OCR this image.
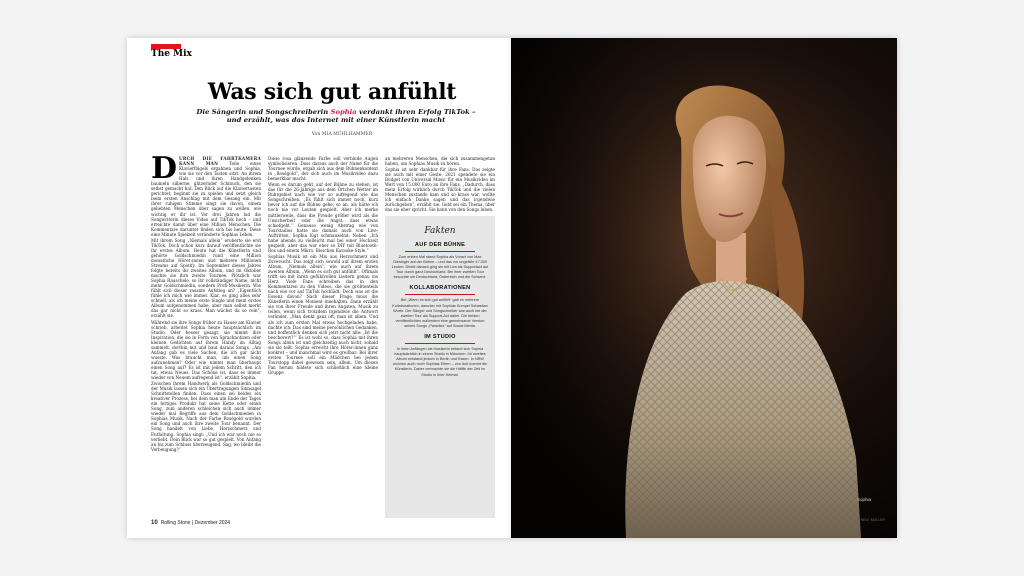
The Mix
Was sich gut anfühlt
Die Sängerin und Songschreiberin Sophia verdankt ihren Erfolg TikTok – und erzählt, was das Internet mit einer Künstlerin macht
Von MIA MÜHLHAMMER

DURCH DIE FAHRTKAMERA KANN MAN	Teile eines Klavierflügels ergahnen und Sophia, wie sie vor den Tasten sitzt. An ihrem Hals und ihren Handgelenken baumeln silberne, glitzernder Schmuck, den sie selbst gemacht hat. Den Blick auf die Klaviertasten gerichtet, beginnt sie zu spielen und setzt gleich beim ersten Anschlag mit dem Gesang ein. Mit ihrer ruhigen Stimme singt sie davon, einem geliebten Menschen über sagen zu wollen, wie wichtig er ihr ist. Vor drei Jahren lud die Songwriterin dieses Video auf TikTok hoch – und erreichte damit über eine Million Menschen. Die Kommentare darunter finden sich bis heute. Diese eine Minute Spielzeit veränderte Sophias Leben.

Mit ihrem Song „Niemals allein“ eroberte sie erst TikTok. Doch schon kurz darauf veröffentlichte sie ihr erstes Album. Heute hat die Künstlerin und gehörte Goldschmiedin rund eine Million monatliche Hörer:innen und mehrere Millionen Streams auf Spotify. Im September dieses Jahres folgte bereits ihr zweites Album, und im Oktober machte sie ihre zweite Tournee. Plötzlich war Sophia Rauschele, so ihr vollständiger Name, nicht mehr Goldschmiedin, sondern Profi-Musikerin. Wie fühlt sich dieser rasante Aufstieg an? „Eigentlich fühle ich mich wie immer. Klar, es ging alles sehr schnell, als ich meine erste Single und mein erstes Album aufgenommen habe, aber man selbst merkt das gar nicht so krass. Man wächst da so rein“, erzählt sie.

Während sie ihre Songs früher zu Hause am Klavier schrieb, arbeitet Sophia heute hauptsächlich im Studio. Oder besser gesagt, sie nimmt ihre Inspiration, die sie in Form von Sprachnotizen oder kleinen Gedichten auf ihrem Handy im Alltag sammelt, dorthin mit und baut daraus Songs. „Am Anfang gab es viele Sachen, die ich gar nicht wusste. Was braucht man, um einen Song aufzunehmen? Oder wie nimmt man überhaupt einen Song auf? Es ist mit jedem Schritt, den ich tat, etwas Neues. Das Schöne ist, dass es immer wieder von Neuem aufregend ist“, erzählt Sophia.

Zwischen ihrem Handwerk als Goldschmiedin und der Musik lassen sich ein Übertragungen Sinnsagel Schnittstellen finden. Dass einen sei beides ein kreativer Prozess, bei dem man am Ende der Tages ein fertiges Produkt hat seine Kette oder einen Song, zum anderen schleichen sich auch immer wieder mal Begriffe aus dem Goldschmieden in Sophias Musik. Nach der Farbe Roségold wurden ein Song und auch ihre zweite Tour benannt. Der Song handelt von Liebe, Herzschmerz und Entfaltung. Sophia singt: „Und ich war noch nie so verliebt. Dein Blick war so gut gespielt. Von Anfang an bis zum Schluss überzeugend. Sag, wo bleibt die Verbeugung?“

Diese rosa glänzende Farbe soll verbinde Augen symbolisieren. Dass daraus auch der Name für die Tournee wurde, ergab sich aus dem Bühnenkontext in „Roségold“, der sich auch im Musikvideo dazu bemerkbar macht.

Wenn es darum geht, auf der Bühne zu stehen, ist das für die 26-Jährige aus dem Örtchen Wetter im Ruhrgebiet nach wie vor so aufregend wie das Songschreiben. „Es fühlt sich immer noch, kurz bevor ich auf die Bühne gehe, so an, als hätte ich noch nie vor Leuten gespielt. Aber ich merke mittlerweile, dass die Freude größer wird als die Unsicherheit oder die Angst, dass etwas schiefgeht.“ Genauso wenig Abstrag wie von Tourstadios hatte sie damals auch von Live-Auftritten. Sophia lügt schmunzelnd: Neben „Ich habe abends zu vielleicht mal bei einer Hochzeit gespielt, aber das war eher so DIY mit Bluetooth-Box und einem Mikro. Bisschen Karaoke-Style.“

Sophias Musik ist ein Mix aus Herzschmerz und Zuversicht. Das zeigt sich sowohl auf ihrem ersten Album, „Niemals allein“, wie auch auf ihrem zweiten Album, „Wenn es sich gut anfühlt“. Oftmals trifft sie mit ihren gefühlvollen Liedern genau ins Herz. Viele Fans schreiben das in den Kommentaren zu den Videos, die sie größtenteils nach wie vor auf TikTok hochlädt. Doch was ist die Essenz davon? Nach dieser Frage muss die Künstlerin einen Moment innehalten. Dann erzählt sie von ihrer Freude und ihren Ängsten, Musik zu teilen, wenn sich trotzdem irgendwie die Antwort veränder. „Man denkt ganz oft, man ist allein. Und als ich zum ersten Mal etwas hochgeladen habe, dachte ich: Das sind meine persönlichen Gedanken, und hoffentlich denken sich jetzt nicht alle: ‚Ist die beschevert?‘“ Es ist wohl so, dass Sophia mit ihren Songs allein ist und gleichzeitig auch nicht, sobald sie sie teilt. Sophia erreicht ihre Hörer:innen ganz konkret – und manchmal wird es greifbar: Bei ihrer ersten Tournee soll ein Mädchen bei jedem Tourstopp dabei gewesen sein, allein. Um diesen Fan herum bildete sich schließlich eine kleine Gruppe

an mehreren Menschen, die sich zusammengetan haben, um Sophias Musik zu hören.

Sophia ist sehr dankbar für ihre Fans. Das zeigte sie auch mit einer Geste: 2021 spendete sie ein Budget von Universal Music für ein Musikvideo im Wert von 15.000 Euro an ihre Fans. „Dadurch, dass mein Erfolg wirklich durch TikTok und die vielen Menschen zustande kam und so krass war, wollte ich einfach Danke sagen und das irgendwie zurückgeben“, erzählt sie. Geld sei ein Thema, über das sie eher spricht. Sie kann von den Songs leben.

Fakten
AUF DER BÜHNE
Zum ersten Mal stand Sophia als Voract von Max Giesinger auf der Bühne – und das vor ungefähr 47.000 Leuten. Direkt danach ging sie mit Lea als Supportact auf Tour durch ganz Deutschland. Bei ihrer zweiten Tour besuchte sie Deutschland, Österreich und die Schweiz.
KOLLABORATIONEN
Bei „Wenn es sich gut anfühlt“ gab es mehrere Kollaborationen, darunter mit Sophias Kumpel Sebastian Wurth. Der Sänger und Songschreiber war auch bei der zweiten Tour als Support-Act dabei. Die beiden veröffentlichten außerdem eine gemeinsame Version seines Songs „Paradies“ auf Social Media.
IM STUDIO
In ihren Anfängen als Musikerin befand sich Sophia hauptsächlich in einem Studio in München. Ihr zweites Album entstand jedoch in Berlin und Essen. In NRW wohnen auch noch Sophias Eltern – von dort kommt die Künstlerin. Daher verbrachte sie die Hälfte der Zeit im Studio in ihrer Heimat.
10 Rolling Stone | Dezember 2024	FOTO: NELE MÜLLER
Sophia
